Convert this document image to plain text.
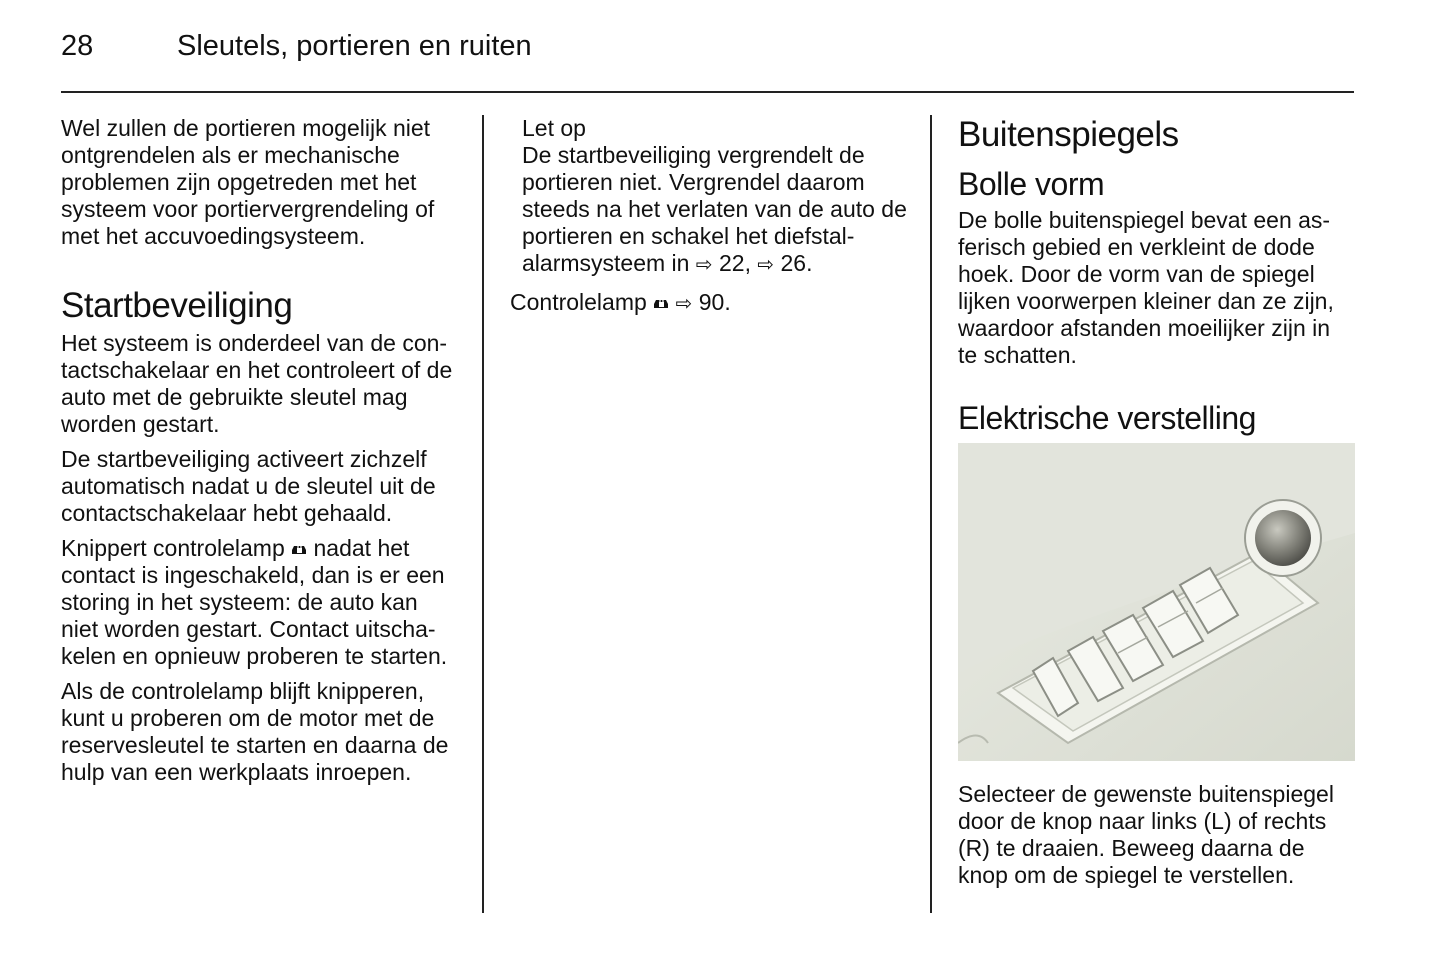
28	Sleutels, portieren en ruiten

Wel zullen de portieren mogelijk niet ontgrendelen als er mechanische problemen zijn opgetreden met het systeem voor portiervergrendeling of met het accuvoedingsysteem.

Startbeveiliging

Het systeem is onderdeel van de con-tactschakelaar en het controleert of de auto met de gebruikte sleutel mag worden gestart.

De startbeveiliging activeert zichzelf automatisch nadat u de sleutel uit de contactschakelaar hebt gehaald.

Knippert controlelamp nadat het contact is ingeschakeld, dan is er een storing in het systeem: de auto kan niet worden gestart. Contact uitscha-kelen en opnieuw proberen te starten.

Als de controlelamp blijft knipperen, kunt u proberen om de motor met de reservesleutel te starten en daarna de hulp van een werkplaats inroepen.

Let op
De startbeveiliging vergrendelt de portieren niet. Vergrendel daarom steeds na het verlaten van de auto de portieren en schakel het diefstal-alarmsysteem in ⇨ 22, ⇨ 26.
Controlelamp ⇨ 90.
Buitenspiegels
Bolle vorm

De bolle buitenspiegel bevat een as-ferisch gebied en verkleint de dode hoek. Door de vorm van de spiegel lijken voorwerpen kleiner dan ze zijn, waardoor afstanden moeilijker zijn in te schatten.

Elektrische verstelling

Selecteer de gewenste buitenspiegel door de knop naar links (L) of rechts (R) te draaien. Beweeg daarna de knop om de spiegel te verstellen.
